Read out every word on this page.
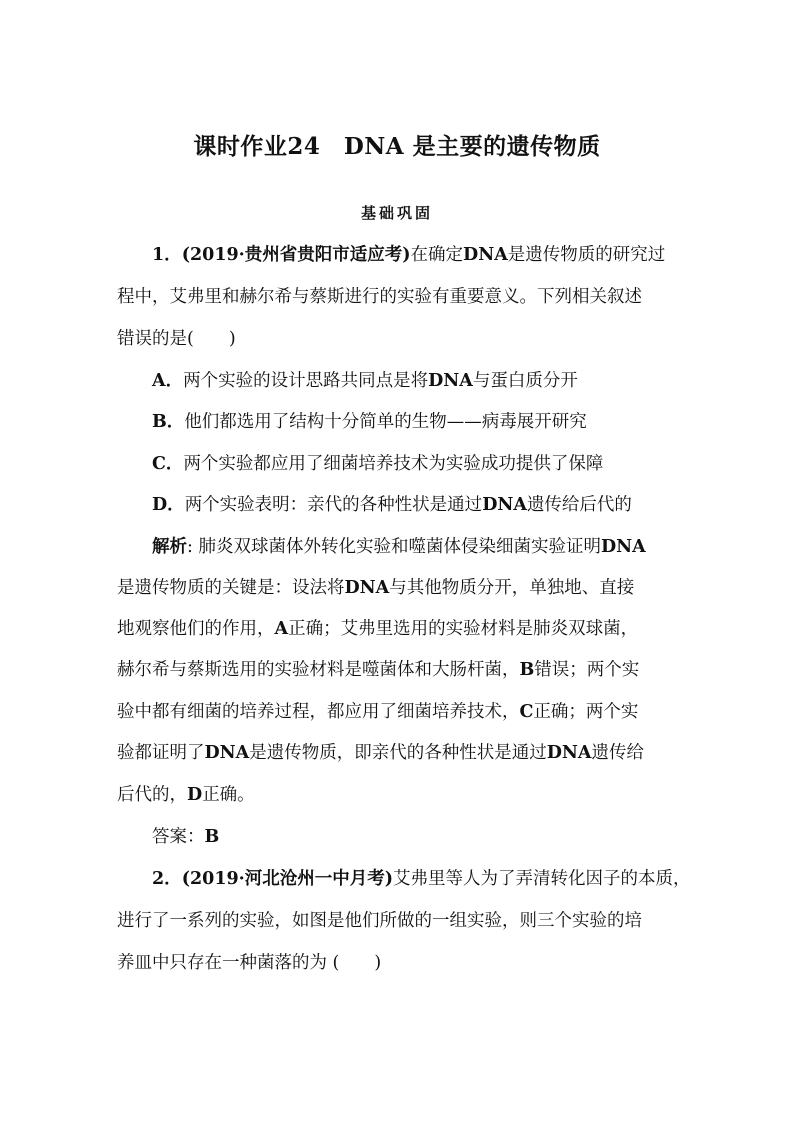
课时作业24　DNA 是主要的遗传物质
基础巩固
1．(2019·贵州省贵阳市适应考)在确定DNA是遗传物质的研究过
程中，艾弗里和赫尔希与蔡斯进行的实验有重要意义。下列相关叙述
错误的是(　　)
A．两个实验的设计思路共同点是将DNA与蛋白质分开
B．他们都选用了结构十分简单的生物——病毒展开研究
C．两个实验都应用了细菌培养技术为实验成功提供了保障
D．两个实验表明：亲代的各种性状是通过DNA遗传给后代的
解析: 肺炎双球菌体外转化实验和噬菌体侵染细菌实验证明DNA
是遗传物质的关键是：设法将DNA与其他物质分开，单独地、直接
地观察他们的作用，A正确；艾弗里选用的实验材料是肺炎双球菌，
赫尔希与蔡斯选用的实验材料是噬菌体和大肠杆菌，B错误；两个实
验中都有细菌的培养过程，都应用了细菌培养技术，C正确；两个实
验都证明了DNA是遗传物质，即亲代的各种性状是通过DNA遗传给
后代的，D正确。
答案：B
2．(2019·河北沧州一中月考)艾弗里等人为了弄清转化因子的本质，
进行了一系列的实验，如图是他们所做的一组实验，则三个实验的培
养皿中只存在一种菌落的为 (　　)
